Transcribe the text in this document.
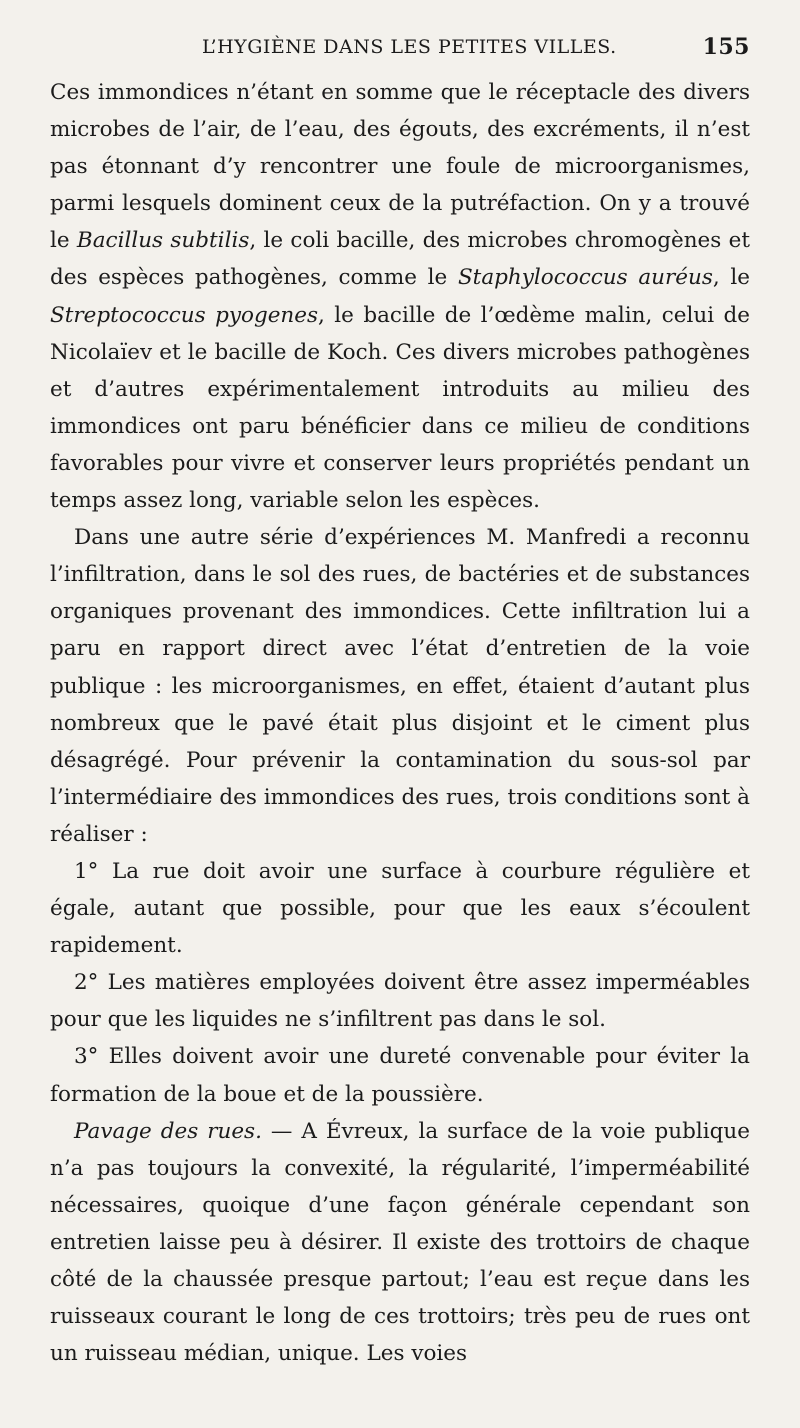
L’HYGIÈNE DANS LES PETITES VILLES.	155

Ces immondices n’étant en somme que le réceptacle des divers microbes de l’air, de l’eau, des égouts, des excréments, il n’est pas étonnant d’y rencontrer une foule de microorganismes, parmi lesquels dominent ceux de la putréfaction. On y a trouvé le Bacillus subtilis, le coli bacille, des microbes chromogènes et des espèces pathogènes, comme le Staphylococcus auréus, le Streptococcus pyogenes, le bacille de l’œdème malin, celui de Nicolaïev et le bacille de Koch. Ces divers microbes pathogènes et d’autres expérimentalement introduits au milieu des immondices ont paru bénéficier dans ce milieu de conditions favorables pour vivre et conserver leurs propriétés pendant un temps assez long, variable selon les espèces.

Dans une autre série d’expériences M. Manfredi a reconnu l’infiltration, dans le sol des rues, de bactéries et de substances organiques provenant des immondices. Cette infiltration lui a paru en rapport direct avec l’état d’entretien de la voie publique : les microorganismes, en effet, étaient d’autant plus nombreux que le pavé était plus disjoint et le ciment plus désagrégé. Pour prévenir la contamination du sous-sol par l’intermédiaire des immondices des rues, trois conditions sont à réaliser :

1° La rue doit avoir une surface à courbure régulière et égale, autant que possible, pour que les eaux s’écoulent rapidement.

2° Les matières employées doivent être assez imperméables pour que les liquides ne s’infiltrent pas dans le sol.

3° Elles doivent avoir une dureté convenable pour éviter la formation de la boue et de la poussière.

Pavage des rues. — A Évreux, la surface de la voie publique n’a pas toujours la convexité, la régularité, l’imperméabilité nécessaires, quoique d’une façon générale cependant son entretien laisse peu à désirer. Il existe des trottoirs de chaque côté de la chaussée presque partout; l’eau est reçue dans les ruisseaux courant le long de ces trottoirs; très peu de rues ont un ruisseau médian, unique. Les voies
